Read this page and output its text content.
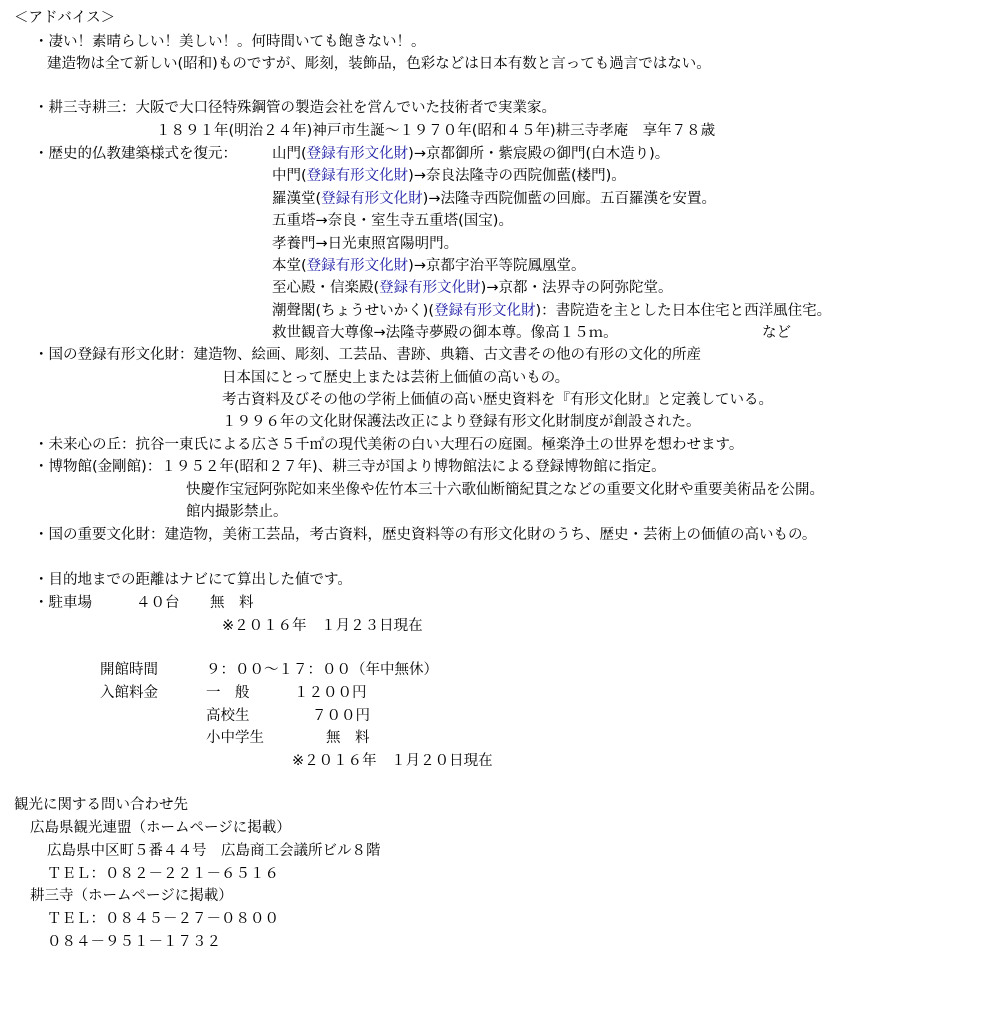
＜アドバイス＞
・凄い！素晴らしい！美しい！。何時間いても飽きない！。
建造物は全て新しい(昭和)ものですが、彫刻，装飾品，色彩などは日本有数と言っても過言ではない。
・耕三寺耕三：大阪で大口径特殊鋼管の製造会社を営んでいた技術者で実業家。
１８９１年(明治２４年)神戸市生誕～１９７０年(昭和４５年)耕三寺孝庵　享年７８歳
・歴史的仏教建築様式を復元： 山門(登録有形文化財)→京都御所・紫宸殿の御門(白木造り)。
中門(登録有形文化財)→奈良法隆寺の西院伽藍(楼門)。
羅漢堂(登録有形文化財)→法隆寺西院伽藍の回廊。五百羅漢を安置。
五重塔→奈良・室生寺五重塔(国宝)。
孝養門→日光東照宮陽明門。
本堂(登録有形文化財)→京都宇治平等院鳳凰堂。
至心殿・信楽殿(登録有形文化財)→京都・法界寺の阿弥陀堂。
潮聲閣(ちょうせいかく)(登録有形文化財)：書院造を主とした日本住宅と西洋風住宅。
救世観音大尊像→法隆寺夢殿の御本尊。像高１５ｍ。	など
・国の登録有形文化財：建造物、絵画、彫刻、工芸品、書跡、典籍、古文書その他の有形の文化的所産
日本国にとって歴史上または芸術上価値の高いもの。
考古資料及びその他の学術上価値の高い歴史資料を『有形文化財』と定義している。
１９９６年の文化財保護法改正により登録有形文化財制度が創設された。
・未来心の丘：抗谷一東氏による広さ５千㎡の現代美術の白い大理石の庭園。極楽浄土の世界を想わせます。
・博物館(金剛館)：１９５２年(昭和２７年)、耕三寺が国より博物館法による登録博物館に指定。
快慶作宝冠阿弥陀如来坐像や佐竹本三十六歌仙断簡紀貫之などの重要文化財や重要美術品を公開。
館内撮影禁止。
・国の重要文化財：建造物，美術工芸品，考古資料，歴史資料等の有形文化財のうち、歴史・芸術上の価値の高いもの。
・目的地までの距離はナビにて算出した値です。
・駐車場	４０台 無　料
※２０１６年　１月２３日現在
開館時間	９：００～１７：００（年中無休）
入館料金	一　般	１２００円
高校生	７００円
小中学生	無　料
※２０１６年　１月２０日現在
観光に関する問い合わせ先
広島県観光連盟（ホームページに掲載）
広島県中区町５番４４号　広島商工会議所ビル８階
ＴＥＬ：０８２－２２１－６５１６
耕三寺（ホームページに掲載）
ＴＥＬ：０８４５－２７－０８００
０８４－９５１－１７３２
